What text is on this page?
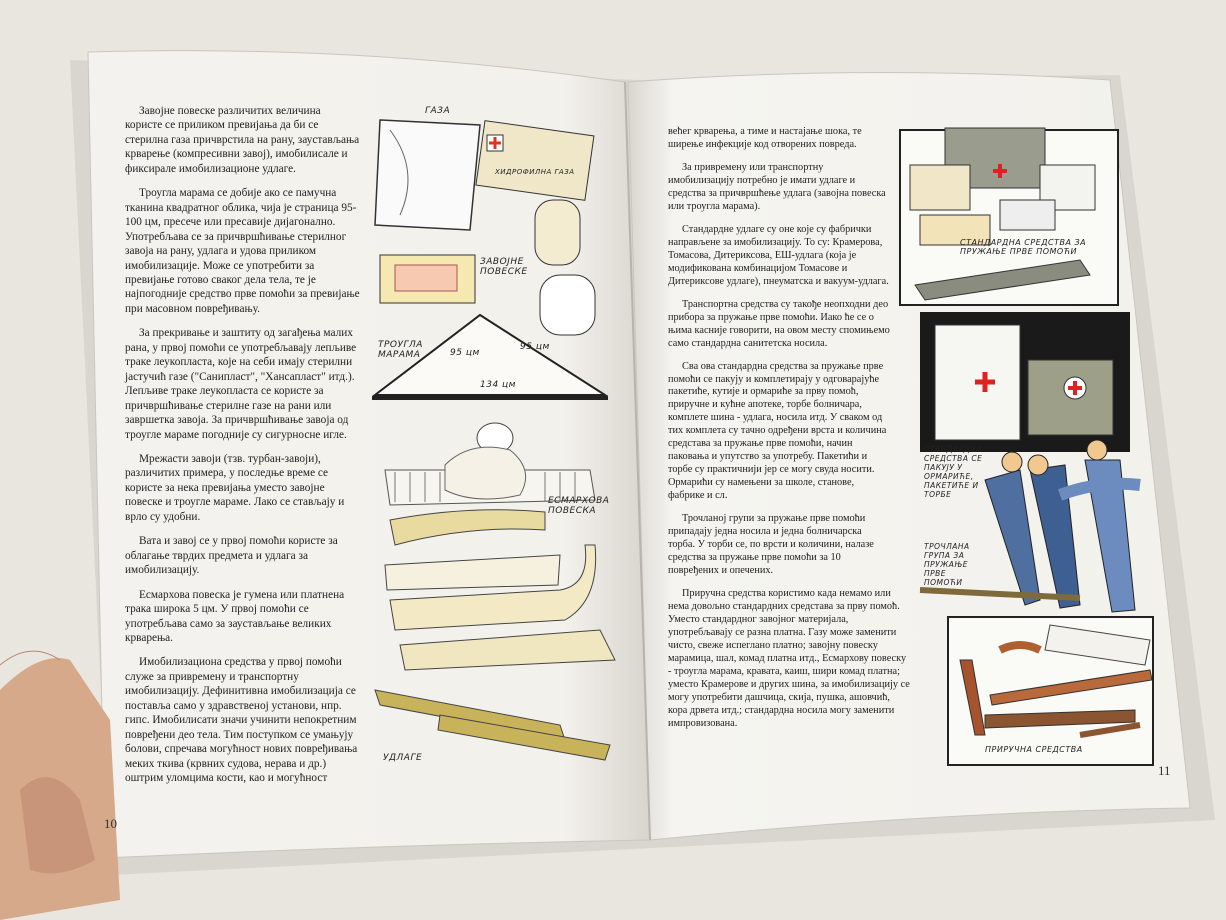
Завојне повеске различитих величина користе се приликом превијања да би се стерилна газа причврстила на рану, заустављања крварење (компресивни завој), имобилисале и фиксирале имобилизационе удлаге.

Троугла марама се добије ако се памучна тканина квадратног облика, чија је страница 95-100 цм, пресече или пресавије дијагонално. Употребљава се за причвршћивање стерилног завоја на рану, удлага и удова приликом имобилизације. Може се употребити за превијање готово сваког дела тела, те је најпогодније средство прве помоћи за превијање при масовном повређивању.

За прекривање и заштиту од загађења малих рана, у првој помоћи се употребљавају лепљиве траке леукопласта, које на себи имају стерилни јастучић газе ("Санипласт", "Хансапласт" итд.). Лепљиве траке леукопласта се користе за причвршћивање стерилне газе на рани или завршетка завоја. За причвршћивање завоја од троугле мараме погодније су сигурносне игле.

Мрежасти завоји (тзв. турбан-завоји), различитих примера, у последње време се користе за нека превијања уместо завојне повеске и троугле мараме. Лако се стављају и врло су удобни.

Вата и завој се у првој помоћи користе за облагање тврдих предмета и удлага за имобилизацију.

Есмархова повеска је гумена или платнена трака широка 5 цм. У првој помоћи се употребљава само за заустављање великих крварења.

Имобилизациона средства у првој помоћи служе за привремену и транспортну имобилизацију. Дефинитивна имобилизација се поставља само у здравственој установи, нпр. гипс. Имобилисати значи учинити непокретним повређени део тела. Тим поступком се умањују болови, спречава могућност нових повређивања меких ткива (крвних судова, нерава и др.) оштрим уломцима кости, као и могућност

10
ГАЗА
ХИДРОФИЛНА ГАЗА
ЗАВОЈНЕ ПОВЕСКЕ
ТРОУГЛА МАРАМА	95 цм
95 цм
134 цм
ЕСМАРХОВА ПОВЕСКА
УДЛАГЕ

већег крварења, а тиме и настајање шока, те ширење инфекције код отворених повреда.

За привремену или транспортну имобилизацију потребно је имати удлаге и средства за причвршћење удлага (завојна повеска или троугла марама).

Стандардне удлаге су оне које су фабрички направљене за имобилизацију. То су: Крамерова, Томасова, Дитериксова, ЕШ-удлага (која је модификована комбинацијом Томасове и Дитериксове удлаге), пнеуматска и вакуум-удлага.

Транспортна средства су такође неопходни део прибора за пружање прве помоћи. Иако ће се о њима касније говорити, на овом месту спомињемо само стандардна санитетска носила.

Сва ова стандардна средства за пружање прве помоћи се пакују и комплетирају у одговарајуће пакетиће, кутије и ормариће за прву помоћ, приручне и кућне апотеке, торбе болничара, комплете шина - удлага, носила итд. У сваком од тих комплета су тачно одређени врста и количина средстава за пружање прве помоћи, начин паковања и упутство за употребу. Пакетићи и торбе су практичнији јер се могу свуда носити. Ормарићи су намењени за школе, станове, фабрике и сл.

Трочланој групи за пружање прве помоћи припадају једна носила и једна болничарска торба. У торби се, по врсти и количини, налазе средства за пружање прве помоћи за 10 повређених и опечених.

Приручна средства користимо када немамо или нема довољно стандардних средстава за прву помоћ. Уместо стандардног завојног материјала, употребљавају се разна платна. Газу може заменити чисто, свеже испеглано платно; завојну повеску марамица, шал, комад платна итд., Есмархову повеску - троугла марама, кравата, каиш, шири комад платна; уместо Крамерове и других шина, за имобилизацију се могу употребити дашчица, скија, пушка, ашовчић, кора дрвета итд.; стандардна носила могу заменити импровизована.

11
СТАНДАРДНА СРЕДСТВА ЗА ПРУЖАЊЕ ПРВЕ ПОМОЋИ
СТАНДАРДНА СРЕДСТВА СЕ ПАКУЈУ У ОРМАРИЋЕ, ПАКЕТИЋЕ И ТОРБЕ
ТРОЧЛАНА ГРУПА ЗА ПРУЖАЊЕ ПРВЕ ПОМОЋИ
ПРИРУЧНА СРЕДСТВА
